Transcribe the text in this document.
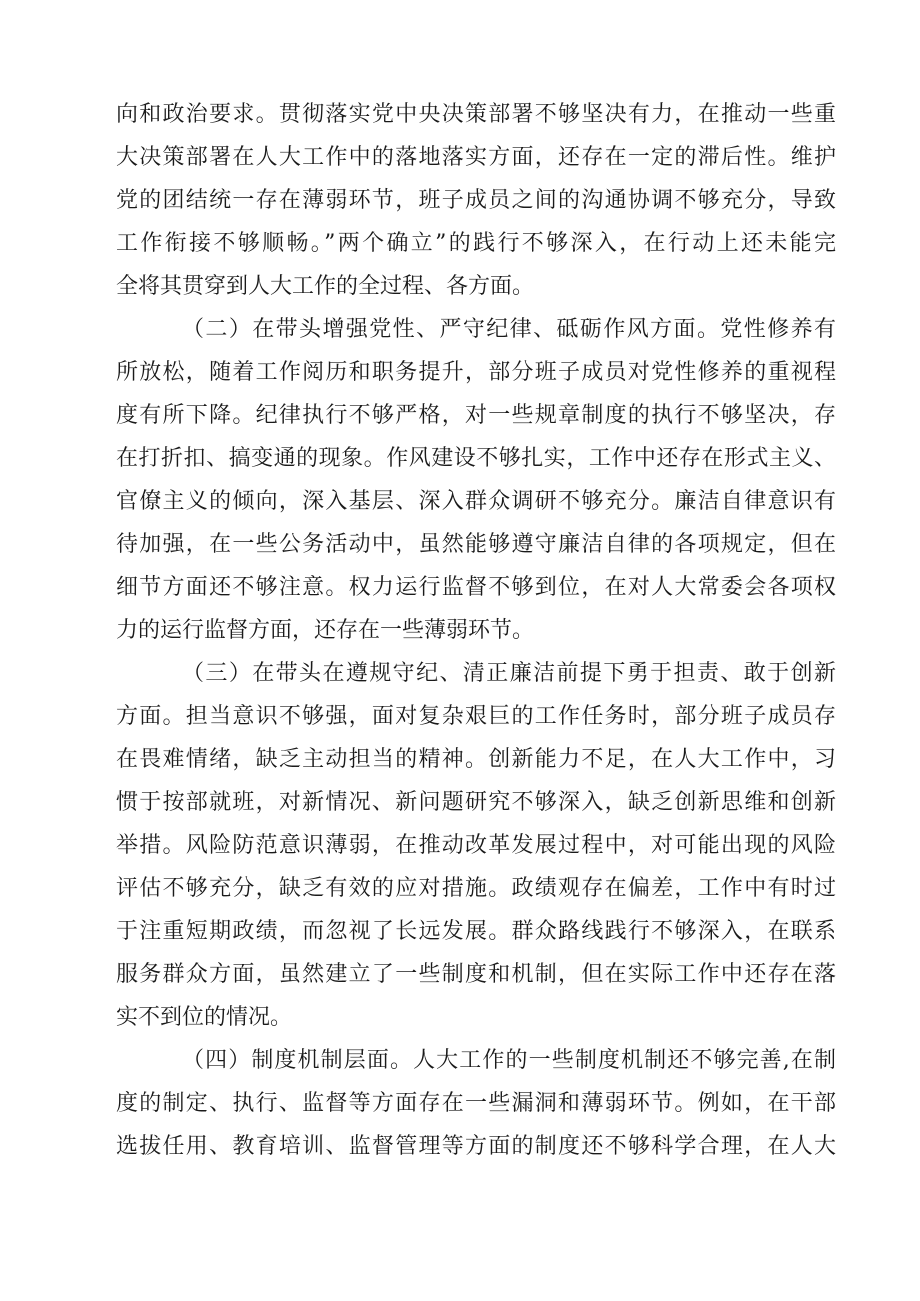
向和政治要求。贯彻落实党中央决策部署不够坚决有力，在推动一些重
大决策部署在人大工作中的落地落实方面，还存在一定的滞后性。维护
党的团结统一存在薄弱环节，班子成员之间的沟通协调不够充分，导致
工作衔接不够顺畅。”两个确立”的践行不够深入，在行动上还未能完
全将其贯穿到人大工作的全过程、各方面。
（二）在带头增强党性、严守纪律、砥砺作风方面。党性修养有
所放松，随着工作阅历和职务提升，部分班子成员对党性修养的重视程
度有所下降。纪律执行不够严格，对一些规章制度的执行不够坚决，存
在打折扣、搞变通的现象。作风建设不够扎实，工作中还存在形式主义、
官僚主义的倾向，深入基层、深入群众调研不够充分。廉洁自律意识有
待加强，在一些公务活动中，虽然能够遵守廉洁自律的各项规定，但在
细节方面还不够注意。权力运行监督不够到位，在对人大常委会各项权
力的运行监督方面，还存在一些薄弱环节。
（三）在带头在遵规守纪、清正廉洁前提下勇于担责、敢于创新
方面。担当意识不够强，面对复杂艰巨的工作任务时，部分班子成员存
在畏难情绪，缺乏主动担当的精神。创新能力不足，在人大工作中，习
惯于按部就班，对新情况、新问题研究不够深入，缺乏创新思维和创新
举措。风险防范意识薄弱，在推动改革发展过程中，对可能出现的风险
评估不够充分，缺乏有效的应对措施。政绩观存在偏差，工作中有时过
于注重短期政绩，而忽视了长远发展。群众路线践行不够深入，在联系
服务群众方面，虽然建立了一些制度和机制，但在实际工作中还存在落
实不到位的情况。
（四）制度机制层面。人大工作的一些制度机制还不够完善,在制
度的制定、执行、监督等方面存在一些漏洞和薄弱环节。例如，在干部
选拔任用、教育培训、监督管理等方面的制度还不够科学合理，在人大
